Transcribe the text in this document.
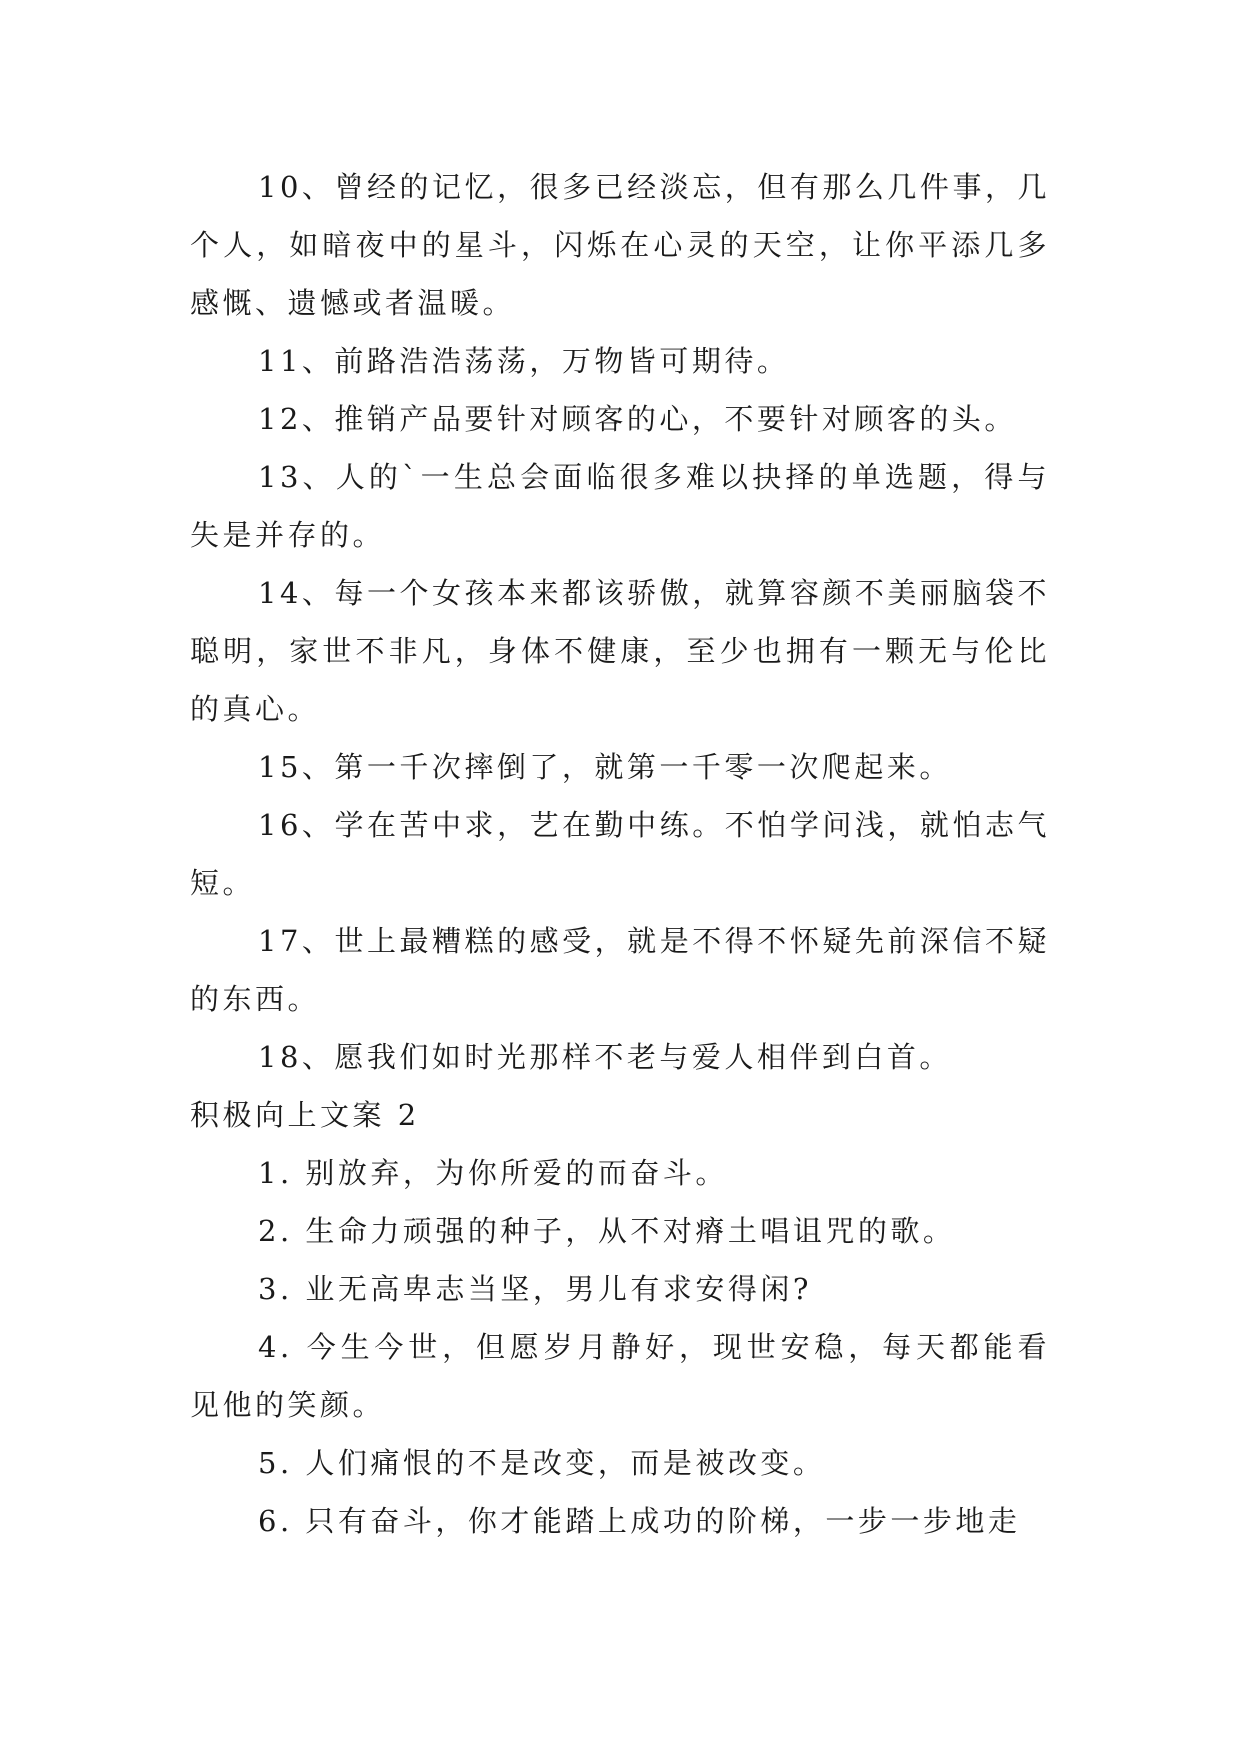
10、曾经的记忆，很多已经淡忘，但有那么几件事，几个人，如暗夜中的星斗，闪烁在心灵的天空，让你平添几多感慨、遗憾或者温暖。

11、前路浩浩荡荡，万物皆可期待。

12、推销产品要针对顾客的心，不要针对顾客的头。

13、人的`一生总会面临很多难以抉择的单选题，得与失是并存的。

14、每一个女孩本来都该骄傲，就算容颜不美丽脑袋不聪明，家世不非凡，身体不健康，至少也拥有一颗无与伦比的真心。

15、第一千次摔倒了，就第一千零一次爬起来。

16、学在苦中求，艺在勤中练。不怕学问浅，就怕志气短。

17、世上最糟糕的感受，就是不得不怀疑先前深信不疑的东西。

18、愿我们如时光那样不老与爱人相伴到白首。

积极向上文案 2

1. 别放弃，为你所爱的而奋斗。

2. 生命力顽强的种子，从不对瘠土唱诅咒的歌。

3. 业无高卑志当坚，男儿有求安得闲?

4. 今生今世，但愿岁月静好，现世安稳，每天都能看见他的笑颜。

5. 人们痛恨的不是改变，而是被改变。

6. 只有奋斗，你才能踏上成功的阶梯，一步一步地走
